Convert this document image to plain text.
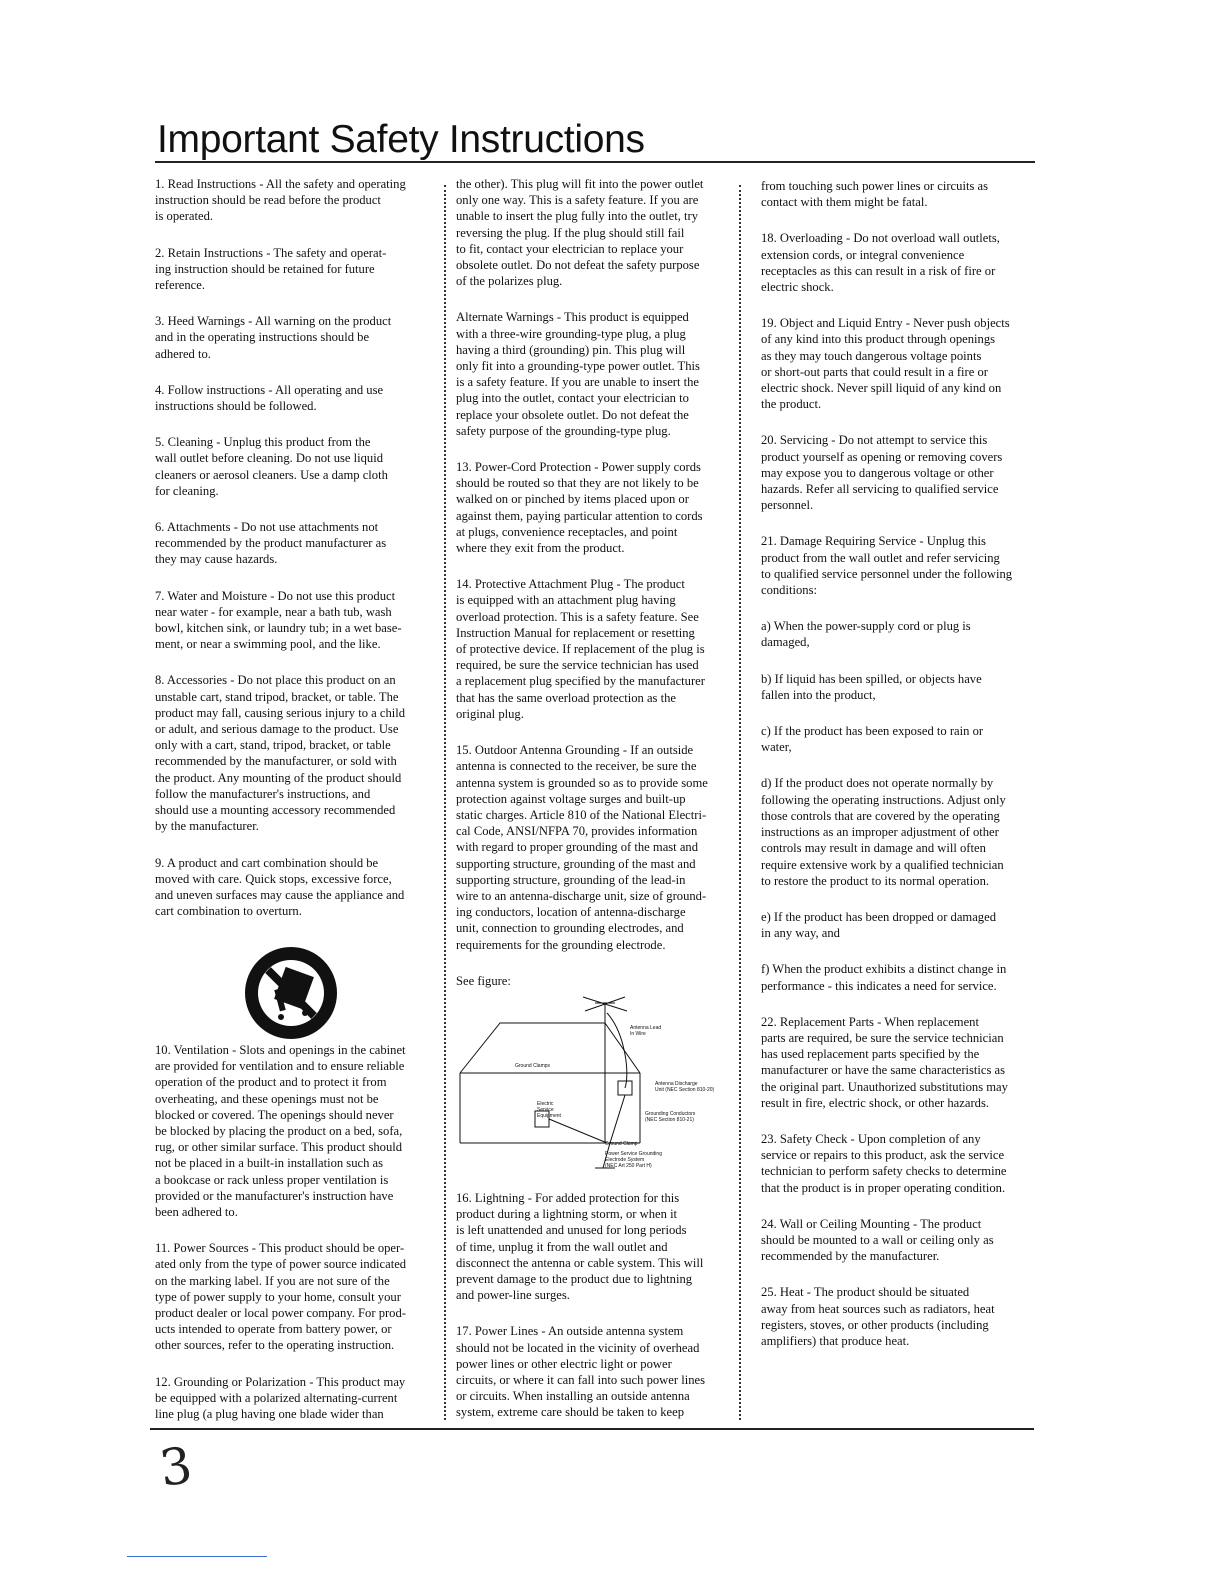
Important Safety Instructions

1. Read Instructions - All the safety and operating
instruction should be read before the product
is operated.

2. Retain Instructions - The safety and operat-
ing instruction should be retained for future
reference.

3. Heed Warnings - All warning on the product
and in the operating instructions should be
adhered to.

4. Follow instructions - All operating and use
instructions should be followed.

5. Cleaning - Unplug this product from the
wall outlet before cleaning. Do not use liquid
cleaners or aerosol cleaners. Use a damp cloth
for cleaning.

6. Attachments - Do not use attachments not
recommended by the product manufacturer as
they may cause hazards.

7. Water and Moisture - Do not use this product
near water - for example, near a bath tub, wash
bowl, kitchen sink, or laundry tub; in a wet base-
ment, or near a swimming pool, and the like.

8. Accessories - Do not place this product on an
unstable cart, stand tripod, bracket, or table. The
product may fall, causing serious injury to a child
or adult, and serious damage to the product. Use
only with a cart, stand, tripod, bracket, or table
recommended by the manufacturer, or sold with
the product. Any mounting of the product should
follow the manufacturer's instructions, and
should use a mounting accessory recommended
by the manufacturer.

9. A product and cart combination should be
moved with care. Quick stops, excessive force,
and uneven surfaces may cause the appliance and
cart combination to overturn.

10. Ventilation - Slots and openings in the cabinet
are provided for ventilation and to ensure reliable
operation of the product and to protect it from
overheating, and these openings must not be
blocked or covered. The openings should never
be blocked by placing the product on a bed, sofa,
rug, or other similar surface. This product should
not be placed in a built-in installation such as
a bookcase or rack unless proper ventilation is
provided or the manufacturer's instruction have
been adhered to.

11. Power Sources - This product should be oper-
ated only from the type of power source indicated
on the marking label. If you are not sure of the
type of power supply to your home, consult your
product dealer or local power company. For prod-
ucts intended to operate from battery power, or
other sources, refer to the operating instruction.

12. Grounding or Polarization - This product may
be equipped with a polarized alternating-current
line plug (a plug having one blade wider than

the other). This plug will fit into the power outlet
only one way. This is a safety feature. If you are
unable to insert the plug fully into the outlet, try
reversing the plug. If the plug should still fail
to fit, contact your electrician to replace your
obsolete outlet. Do not defeat the safety purpose
of the polarizes plug.

Alternate Warnings - This product is equipped
with a three-wire grounding-type plug, a plug
having a third (grounding) pin. This plug will
only fit into a grounding-type power outlet. This
is a safety feature. If you are unable to insert the
plug into the outlet, contact your electrician to
replace your obsolete outlet. Do not defeat the
safety purpose of the grounding-type plug.

13. Power-Cord Protection - Power supply cords
should be routed so that they are not likely to be
walked on or pinched by items placed upon or
against them, paying particular attention to cords
at plugs, convenience receptacles, and point
where they exit from the product.

14. Protective Attachment Plug - The product
is equipped with an attachment plug having
overload protection. This is a safety feature. See
Instruction Manual for replacement or resetting
of protective device. If replacement of the plug is
required, be sure the service technician has used
a replacement plug specified by the manufacturer
that has the same overload protection as the
original plug.

15. Outdoor Antenna Grounding - If an outside
antenna is connected to the receiver, be sure the
antenna system is grounded so as to provide some
protection against voltage surges and built-up
static charges. Article 810 of the National Electri-
cal Code, ANSI/NFPA 70, provides information
with regard to proper grounding of the mast and
supporting structure, grounding of the mast and
supporting structure, grounding of the lead-in
wire to an antenna-discharge unit, size of ground-
ing conductors, location of antenna-discharge
unit, connection to grounding electrodes, and
requirements for the grounding electrode.

See figure:

Antenna Lead In Wire
Ground Clamps
Antenna Discharge Unit (NEC Section 810-20)
Grounding Conductors (NEC Section 810-21)
Electric Service Equipment
Ground Clamp
Power Service Grounding Electrode System (NEC Art 250 Part H)

16. Lightning - For added protection for this
product during a lightning storm, or when it
is left unattended and unused for long periods
of time, unplug it from the wall outlet and
disconnect the antenna or cable system. This will
prevent damage to the product due to lightning
and power-line surges.

17. Power Lines - An outside antenna system
should not be located in the vicinity of overhead
power lines or other electric light or power
circuits, or where it can fall into such power lines
or circuits. When installing an outside antenna
system, extreme care should be taken to keep

from touching such power lines or circuits as
contact with them might be fatal.

18. Overloading - Do not overload wall outlets,
extension cords, or integral convenience
receptacles as this can result in a risk of fire or
electric shock.

19. Object and Liquid Entry - Never push objects
of any kind into this product through openings
as they may touch dangerous voltage points
or short-out parts that could result in a fire or
electric shock. Never spill liquid of any kind on
the product.

20. Servicing - Do not attempt to service this
product yourself as opening or removing covers
may expose you to dangerous voltage or other
hazards. Refer all servicing to qualified service
personnel.

21. Damage Requiring Service - Unplug this
product from the wall outlet and refer servicing
to qualified service personnel under the following
conditions:

a) When the power-supply cord or plug is
damaged,

b) If liquid has been spilled, or objects have
fallen into the product,

c) If the product has been exposed to rain or
water,

d) If the product does not operate normally by
following the operating instructions. Adjust only
those controls that are covered by the operating
instructions as an improper adjustment of other
controls may result in damage and will often
require extensive work by a qualified technician
to restore the product to its normal operation.

e) If the product has been dropped or damaged
in any way, and

f) When the product exhibits a distinct change in
performance - this indicates a need for service.

22. Replacement Parts - When replacement
parts are required, be sure the service technician
has used replacement parts specified by the
manufacturer or have the same characteristics as
the original part. Unauthorized substitutions may
result in fire, electric shock, or other hazards.

23. Safety Check - Upon completion of any
service or repairs to this product, ask the service
technician to perform safety checks to determine
that the product is in proper operating condition.

24. Wall or Ceiling Mounting - The product
should be mounted to a wall or ceiling only as
recommended by the manufacturer.

25. Heat - The product should be situated
away from heat sources such as radiators, heat
registers, stoves, or other products (including
amplifiers) that produce heat.

3
